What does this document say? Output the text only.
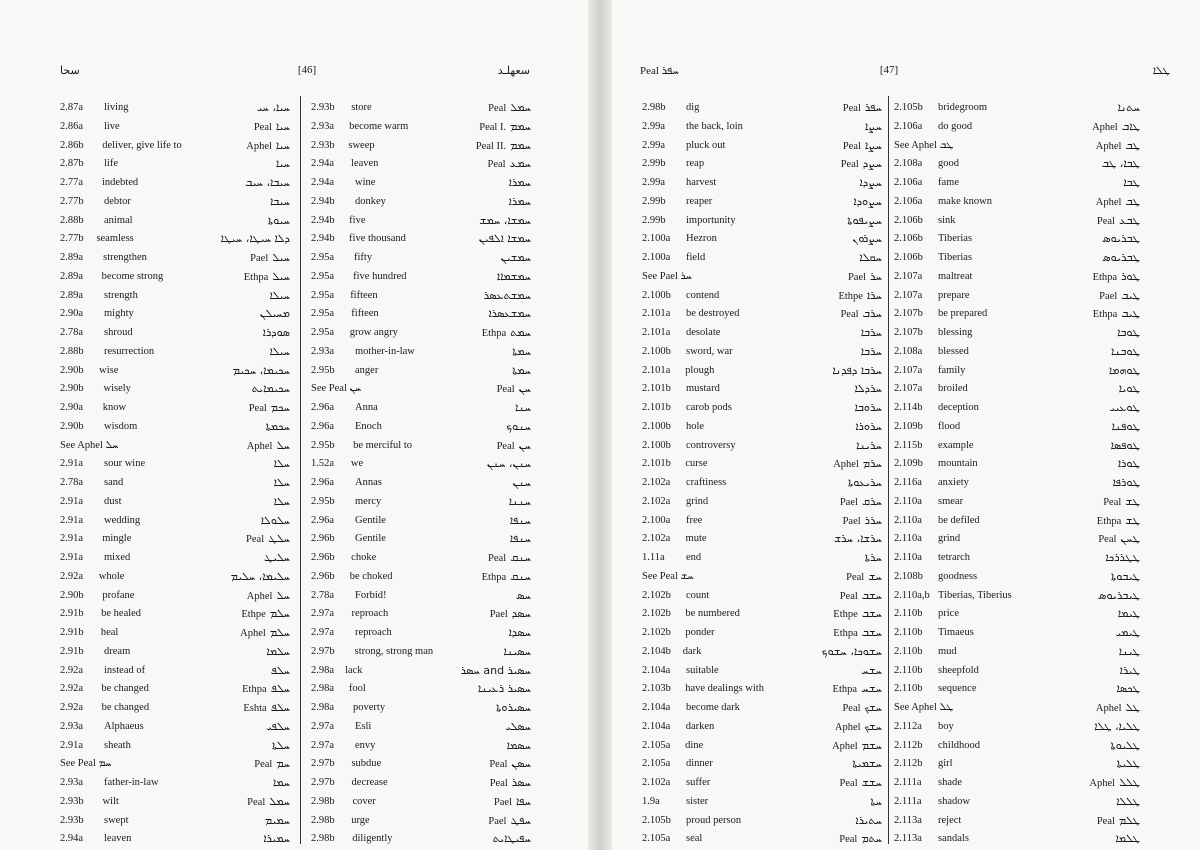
سحا	[46]	سعهلـد
2.87a	living	ܚܝܐ، ܚܝ
2.86a	live	Peal ܚܝܐ
2.86b	deliver, give life to	Aphel ܚܝܐ
2.87b	life	ܚܝܐ
2.77a	indebted	ܚܝܒܐ، ܚܝܒ
2.77b	debtor	ܚܝܒܐ
2.88b	animal	ܚܝܘܬܐ
2.77b	seamless	ܕܠܐ ܚܝܛܐ، ܚܝܛܐ
2.89a	strengthen	Pael ܚܝܠ
2.89a	become strong	Ethpa ܚܝܠ
2.89a	strength	ܚܝܠܐ
2.90a	mighty	ܡܚܝܠܢ
2.78a	shroud	ܣܘܕܪܐ
2.88b	resurrection	ܚܝܠܐ
2.90b	wise	ܚܟܝܡܐ، ܚܟܝܡ
2.90b	wisely	ܚܟܝܡܐܝܬ
2.90a	know	Peal ܚܟܡ
2.90b	wisdom	ܚܟܡܬܐ
See Aphel ܚܠ	Aphel ܚܠ
2.91a	sour wine	ܚܠܐ
2.78a	sand	ܚܠܐ
2.91a	dust	ܚܠܐ
2.91a	wedding	ܚܠܘܠܐ
2.91a	mingle	Peal ܚܠܛ
2.91a	mixed	ܚܠܝܛ
2.92a	whole	ܚܠܝܡܐ، ܚܠܝܡ
2.90b	profane	Aphel ܚܠ
2.91b	be healed	Ethpe ܚܠܡ
2.91b	heal	Aphel ܚܠܡ
2.91b	dream	ܚܠܡܐ
2.92a	instead of	ܚܠܦ
2.92a	be changed	Ethpa ܚܠܦ
2.92a	be changed	Eshta ܚܠܦ
2.93a	Alphaeus	ܚܠܦܝ
2.91a	sheath	ܚܠܬܐ
See Peal ܚܡ	Peal ܚܡ
2.93a	father-in-law	ܚܡܐ
2.93b	wilt	Peal ܚܡܠ
2.93b	swept	ܚܡܝܡ
2.94a	leaven	ܚܡܝܪܐ
2.93b	store	Peal ܚܡܠ
2.93a	become warm	Peal I. ܚܡܡ
2.93b	sweep	Peal II. ܚܡܡ
2.94a	leaven	Peal ܚܡܥ
2.94a	wine	ܚܡܪܐ
2.94b	donkey	ܚܡܪܐ
2.94b	five	ܚܡܫܐ، ܚܡܫ
2.94b	five thousand	ܚܡܫܐ ܐܠܦܝܢ
2.95a	fifty	ܚܡܫܝܢ
2.95a	five hundred	ܚܡܫܡܐܐ
2.95a	fifteen	ܚܡܫܬܥܣܪ
2.95a	fifteen	ܚܡܫܥܣܪܐ
2.95a	grow angry	Ethpa ܚܡܬ
2.93a	mother-in-law	ܚܡܬܐ
2.95b	anger	ܚܡܬܐ
See Peal ܚܢ	Peal ܚܢ
2.96a	Anna	ܚܢܐ
2.96a	Enoch	ܚܢܘܟ
2.95b	be merciful to	Peal ܚܢ
1.52a	we	ܚܢܢ، ܚܢܢ
2.96a	Annas	ܚܢܢ
2.95b	mercy	ܚܢܢܐ
2.96a	Gentile	ܚܢܦܐ
2.96b	Gentile	ܚܢܦܐ
2.96b	choke	Peal ܚܢܩ
2.96b	be choked	Ethpa ܚܢܩ
2.78a	Forbid!	ܚܣ
2.97a	reproach	Pael ܚܣܕ
2.97a	reproach	ܚܣܕܐ
2.97b	strong, strong man	ܚܣܝܢܐ
2.98a	lack	ܚܣܝܪ and ܚܣܪ
2.98a	fool	ܚܣܝܪ ܪܥܝܢܐ
2.98a	poverty	ܚܣܝܪܘܬܐ
2.97a	Esli	ܚܣܠܝ
2.97a	envy	ܚܣܡܐ
2.97b	subdue	Peal ܚܣܢ
2.97b	decrease	Peal ܚܣܪ
2.98b	cover	Pael ܚܦܐ
2.98b	urge	Pael ܚܦܛ
2.98b	diligently	ܚܦܝܛܐܝܬ
Peal ܚܦܪ	[47]	ܛܠܐ
2.98b	dig	Peal ܚܦܪ
2.99a	the back, loin	ܚܨܐ
2.99a	pluck out	Peal ܚܨܐ
2.99b	reap	Peal ܚܨܕ
2.99a	harvest	ܚܨܕܐ
2.99b	reaper	ܚܨܘܕܐ
2.99b	importunity	ܚܨܝܦܘܬܐ
2.100a	Hezron	ܚܨܪܘܢ
2.100a	field	ܚܩܠܐ
See Pael ܚܪ	Pael ܚܪ
2.100b	contend	Ethpe ܚܪܐ
2.101a	be destroyed	Peal ܚܪܒ
2.101a	desolate	ܚܪܒܐ
2.100b	sword, war	ܚܪܒܐ
2.101a	plough	ܚܪܒܐ ܕܦܕܢܐ
2.101b	mustard	ܚܪܕܠܐ
2.101b	carob pods	ܚܪܘܒܐ
2.100b	hole	ܚܪܘܪܐ
2.100b	controversy	ܚܪܝܢܐ
2.101b	curse	Aphel ܚܪܡ
2.102a	craftiness	ܚܪܝܥܘܬܐ
2.102a	grind	Pael ܚܪܩ
2.100a	free	Pael ܚܪܪ
2.102a	mute	ܚܪܫܐ، ܚܪܫ
1.11a	end	ܚܪܬܐ
See Peal ܚܫ	Peal ܚܫ
2.102b	count	Peal ܚܫܒ
2.102b	be numbered	Ethpe ܚܫܒ
2.102b	ponder	Ethpa ܚܫܒ
2.104b	dark	ܚܫܘܟܐ، ܚܫܘܟ
2.104a	suitable	ܚܫܚ
2.103b	have dealings with	Ethpa ܚܫܚ
2.104a	become dark	Peal ܚܫܟ
2.104a	darken	Aphel ܚܫܟ
2.105a	dine	Aphel ܚܫܡ
2.105a	dinner	ܚܫܡܝܬܐ
2.102a	suffer	Peal ܚܫܫ
1.9a	sister	ܚܬܐ
2.105b	proud person	ܚܬܝܪܐ
2.105a	seal	Peal ܚܬܡ
2.105b	bridegroom	ܚܬܢܐ
2.106a	do good	Aphel ܛܐܒ
See Aphel ܛܒ	Aphel ܛܒ
2.108a	good	ܛܒܐ، ܛܒ
2.106a	fame	ܛܒܐ
2.106a	make known	Aphel ܛܒ
2.106b	sink	Peal ܛܒܥ
2.106b	Tiberias	ܛܒܪܝܘܣ
2.106b	Tiberias	ܛܒܪܝܘܣ
2.107a	maltreat	Ethpa ܛܘܪ
2.107a	prepare	Pael ܛܝܒ
2.107b	be prepared	Ethpa ܛܝܒ
2.107b	blessing	ܛܘܒܐ
2.108a	blessed	ܛܘܒܢܐ
2.107a	family	ܛܘܗܡܐ
2.107a	broiled	ܛܘܝܐ
2.114b	deception	ܛܘܥܝܝ
2.109b	flood	ܛܘܦܢܐ
2.115b	example	ܛܘܦܣܐ
2.109b	mountain	ܛܘܪܐ
2.116a	anxiety	ܛܘܪܦܐ
2.110a	smear	Peal ܛܫ
2.110a	be defiled	Ethpa ܛܫ
2.110a	grind	Peal ܛܚܢ
2.110a	tetrarch	ܛܛܪܪܟܐ
2.108b	goodness	ܛܝܒܘܬܐ
2.110a,b Tiberias, Tiberius	ܛܝܒܪܝܘܣ
2.110b	price	ܛܝܡܐ
2.110b	Timaeus	ܛܝܡܝ
2.110b	mud	ܛܝܢܐ
2.110b	sheepfold	ܛܝܪܐ
2.110b	sequence	ܛܟܣܐ
See Aphel ܛܠ	Aphel ܛܠ
2.112a	boy	ܛܠܝܐ، ܛܠܐ
2.112b	childhood	ܛܠܝܘܬܐ
2.112b	girl	ܛܠܝܬܐ
2.111a	shade	Aphel ܛܠܠ
2.111a	shadow	ܛܠܠܐ
2.113a	reject	Peal ܛܠܡ
2.113a	sandals	ܛܠܡܐ
